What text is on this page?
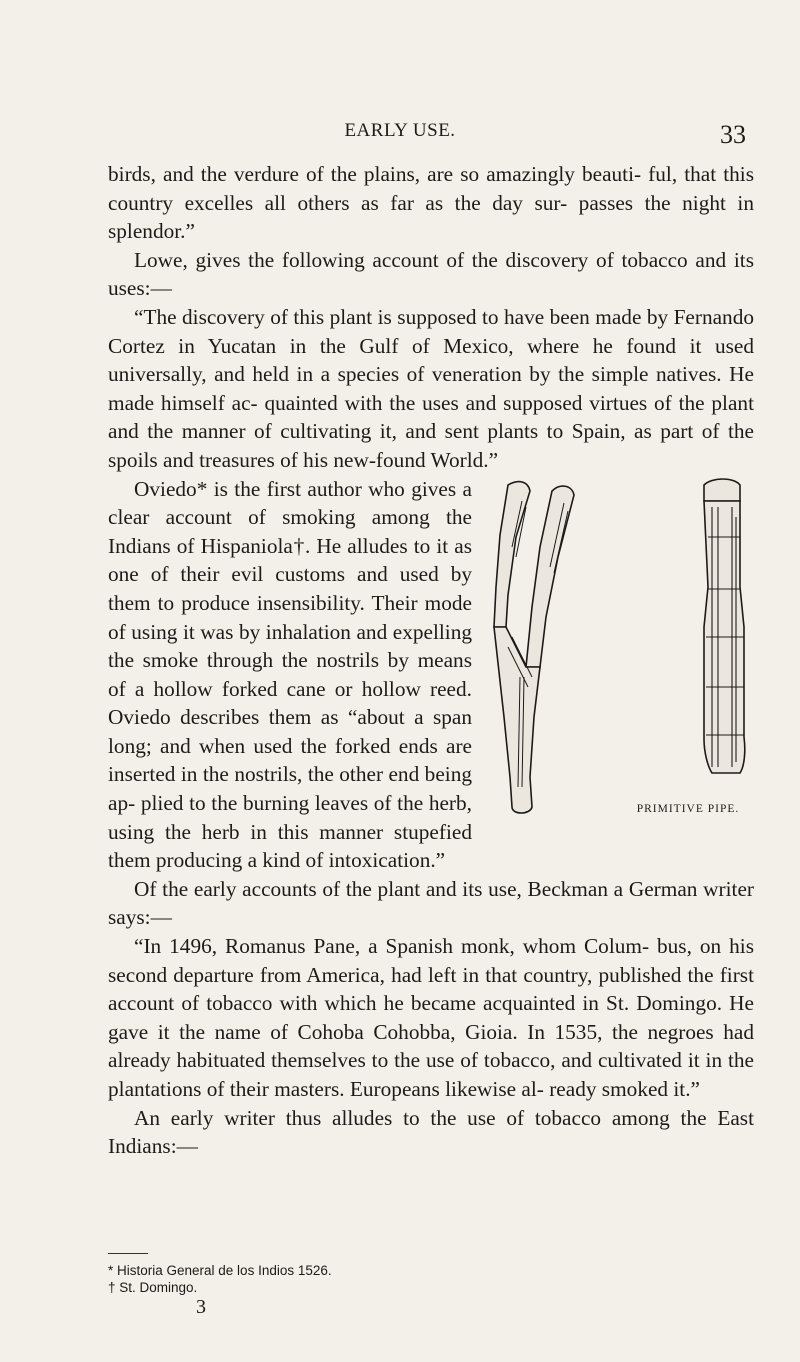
EARLY USE.	33

birds, and the verdure of the plains, are so amazingly beauti- ful, that this country excelles all others as far as the day sur- passes the night in splendor.”

Lowe, gives the following account of the discovery of tobacco and its uses:—

“The discovery of this plant is supposed to have been made by Fernando Cortez in Yucatan in the Gulf of Mexico, where he found it used universally, and held in a species of veneration by the simple natives. He made himself ac- quainted with the uses and supposed virtues of the plant and the manner of cultivating it, and sent plants to Spain, as part of the spoils and treasures of his new-found World.”

PRIMITIVE PIPE.

Oviedo* is the first author who gives a clear account of smoking among the Indians of Hispaniola†. He alludes to it as one of their evil customs and used by them to produce insensibility. Their mode of using it was by inhalation and expelling the smoke through the nostrils by means of a hollow forked cane or hollow reed. Oviedo describes them as “about a span long; and when used the forked ends are inserted in the nostrils, the other end being ap- plied to the burning leaves of the herb, using the herb in this manner stupefied them producing a kind of intoxication.”

Of the early accounts of the plant and its use, Beckman a German writer says:—

“In 1496, Romanus Pane, a Spanish monk, whom Colum- bus, on his second departure from America, had left in that country, published the first account of tobacco with which he became acquainted in St. Domingo. He gave it the name of Cohoba Cohobba, Gioia. In 1535, the negroes had already habituated themselves to the use of tobacco, and cultivated it in the plantations of their masters. Europeans likewise al- ready smoked it.”

An early writer thus alludes to the use of tobacco among the East Indians:—

* Historia General de los Indios 1526.

† St. Domingo.

3
